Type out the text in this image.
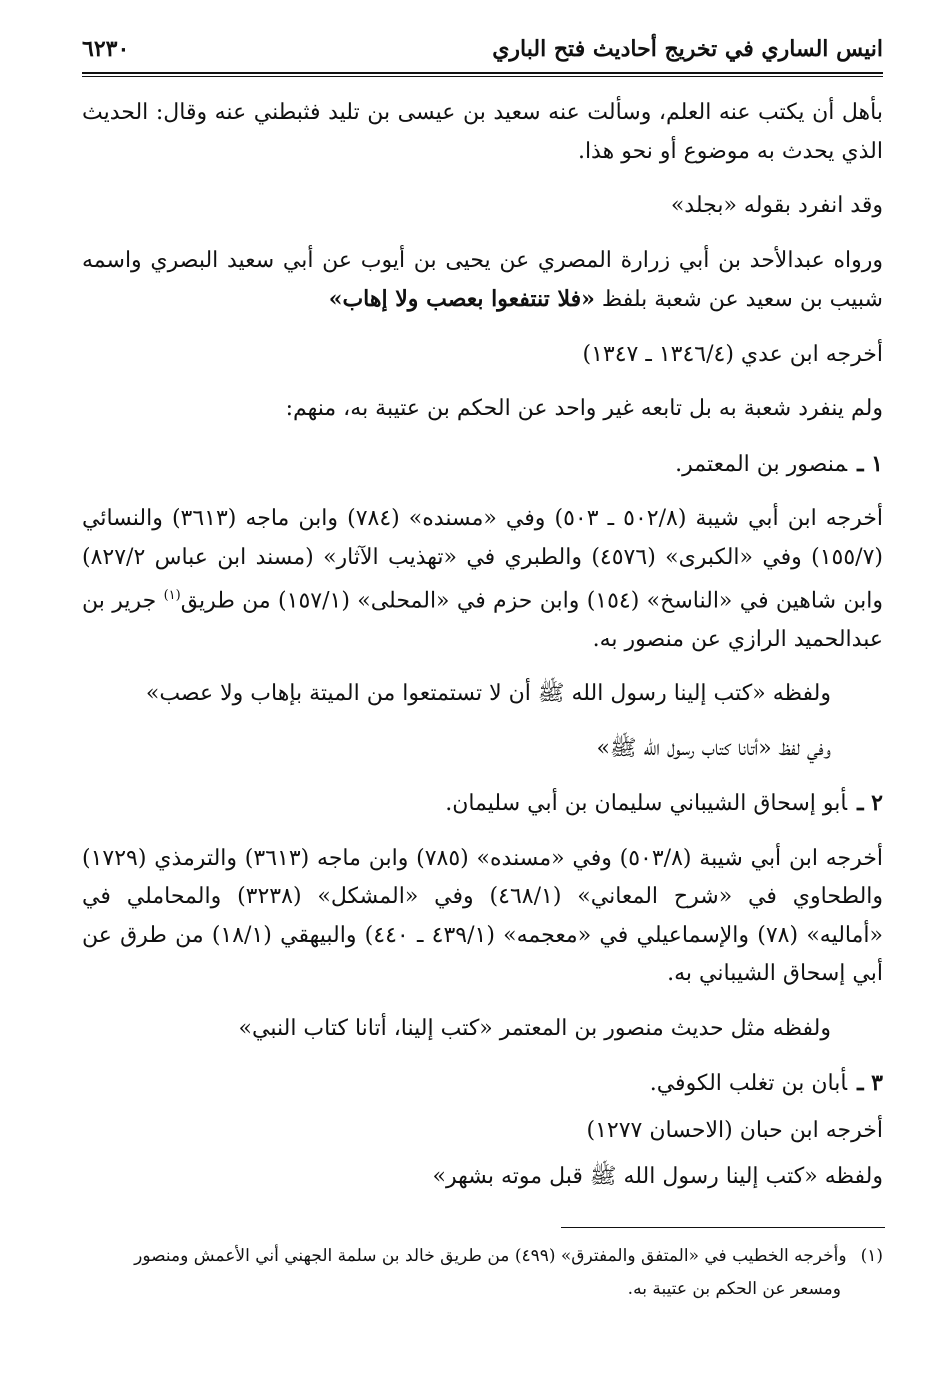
انيس الساري في تخريج أحاديث فتح الباري
٦٢٣٠

بأهل أن يكتب عنه العلم، وسألت عنه سعيد بن عيسى بن تليد فثبطني عنه وقال: الحديث الذي يحدث به موضوع أو نحو هذا.

وقد انفرد بقوله «بجلد»

ورواه عبدالأحد بن أبي زرارة المصري عن يحيى بن أيوب عن أبي سعيد البصري واسمه شبيب بن سعيد عن شعبة بلفظ «فلا تنتفعوا بعصب ولا إهاب»

أخرجه ابن عدي (١٣٤٦/٤ ـ ١٣٤٧)

ولم ينفرد شعبة به بل تابعه غير واحد عن الحكم بن عتيبة به، منهم:

١ ـمنصور بن المعتمر.

أخرجه ابن أبي شيبة (٥٠٢/٨ ـ ٥٠٣) وفي «مسنده» (٧٨٤) وابن ماجه (٣٦١٣) والنسائي (١٥٥/٧) وفي «الكبرى» (٤٥٧٦) والطبري في «تهذيب الآثار» (مسند ابن عباس ٨٢٧/٢) وابن شاهين في «الناسخ» (١٥٤) وابن حزم في «المحلى» (١٥٧/١) من طريق$^{(١)}$ جرير بن عبدالحميد الرازي عن منصور به.

ولفظه «كتب إلينا رسول الله ﷺ أن لا تستمتعوا من الميتة بإهاب ولا عصب»

وفي لفظ «أتانا كتاب رسول الله ﷺ»

٢ ـأبو إسحاق الشيباني سليمان بن أبي سليمان.

أخرجه ابن أبي شيبة (٥٠٣/٨) وفي «مسنده» (٧٨٥) وابن ماجه (٣٦١٣) والترمذي (١٧٢٩) والطحاوي في «شرح المعاني» (٤٦٨/١) وفي «المشكل» (٣٢٣٨) والمحاملي في «أماليه» (٧٨) والإسماعيلي في «معجمه» (٤٣٩/١ ـ ٤٤٠) والبيهقي (١٨/١) من طرق عن أبي إسحاق الشيباني به.

ولفظه مثل حديث منصور بن المعتمر «كتب إلينا، أتانا كتاب النبي»

٣ ـأبان بن تغلب الكوفي.

أخرجه ابن حبان (الاحسان ١٢٧٧)

ولفظه «كتب إلينا رسول الله ﷺ قبل موته بشهر»

(١)وأخرجه الخطيب في «المتفق والمفترق» (٤٩٩) من طريق خالد بن سلمة الجهني أني الأعمش ومنصور
ومسعر عن الحكم بن عتيبة به.
